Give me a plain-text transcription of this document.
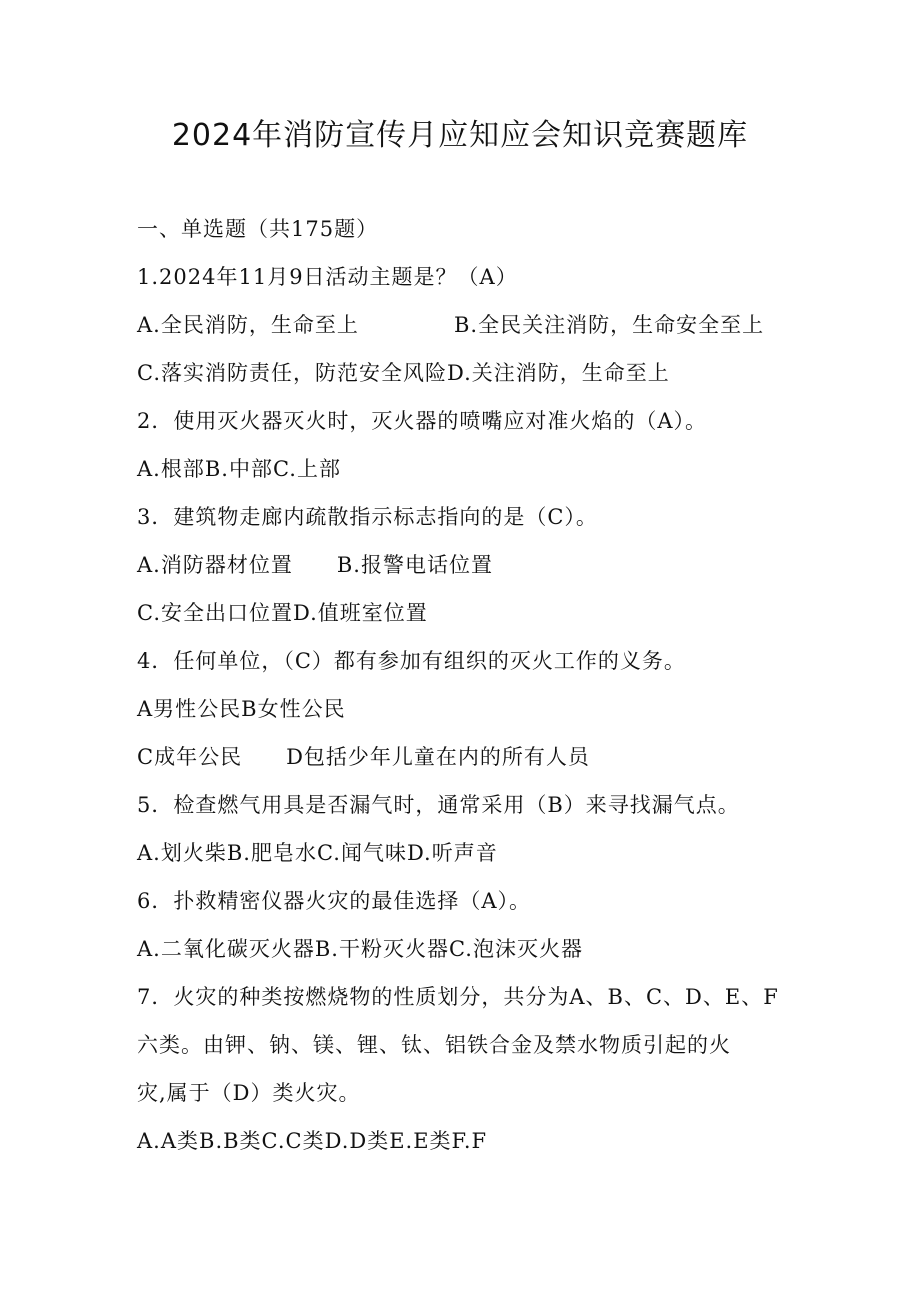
2024年消防宣传月应知应会知识竞赛题库
一、单选题（共175题）
1.2024年11月9日活动主题是？（A）
A.全民消防，生命至上	B.全民关注消防，生命安全至上
C.落实消防责任，防范安全风险D.关注消防，生命至上
2．使用灭火器灭火时，灭火器的喷嘴应对准火焰的（A）。
A.根部B.中部C.上部
3．建筑物走廊内疏散指示标志指向的是（C）。
A.消防器材位置　　B.报警电话位置
C.安全出口位置D.值班室位置
4．任何单位，（C）都有参加有组织的灭火工作的义务。
A男性公民B女性公民
C成年公民　　D包括少年儿童在内的所有人员
5．检查燃气用具是否漏气时，通常采用（B）来寻找漏气点。
A.划火柴B.肥皂水C.闻气味D.听声音
6．扑救精密仪器火灾的最佳选择（A）。
A.二氧化碳灭火器B.干粉灭火器C.泡沫灭火器
7．火灾的种类按燃烧物的性质划分，共分为A、B、C、D、E、F
六类。由钾、钠、镁、锂、钛、铝铁合金及禁水物质引起的火
灾,属于（D）类火灾。
A.A类B.B类C.C类D.D类E.E类F.F
